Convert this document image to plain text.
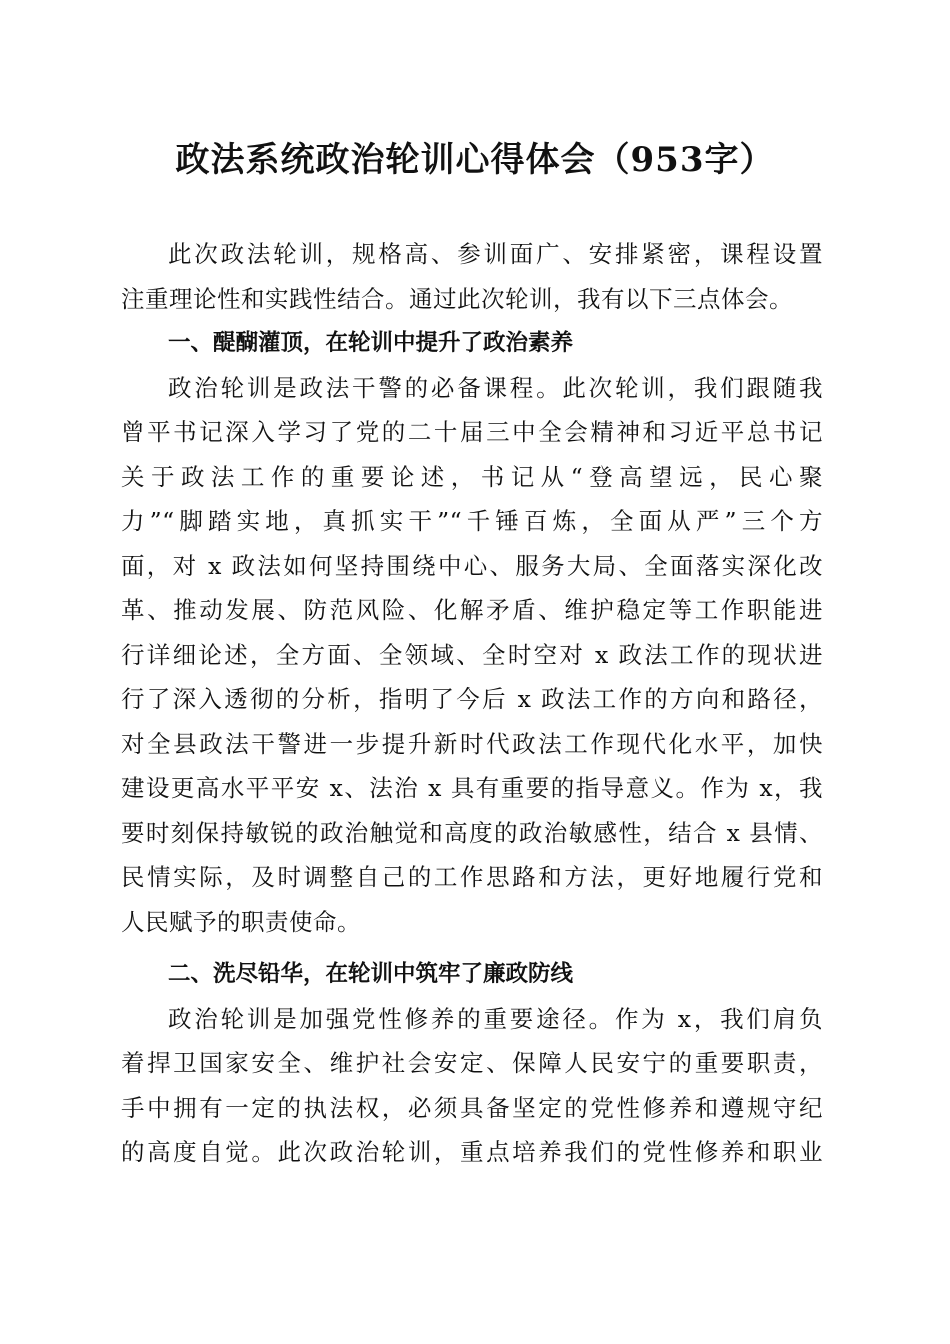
政法系统政治轮训心得体会（953字）
此次政法轮训，规格高、参训面广、安排紧密，课程设置
注重理论性和实践性结合。通过此次轮训，我有以下三点体会。
一、醍醐灌顶，在轮训中提升了政治素养
政治轮训是政法干警的必备课程。此次轮训，我们跟随我
曾平书记深入学习了党的二十届三中全会精神和习近平总书记
关于政法工作的重要论述，书记从“登高望远，民心聚
力”“脚踏实地，真抓实干”“千锤百炼，全面从严”三个方
面，对 x 政法如何坚持围绕中心、服务大局、全面落实深化改
革、推动发展、防范风险、化解矛盾、维护稳定等工作职能进
行详细论述，全方面、全领域、全时空对 x 政法工作的现状进
行了深入透彻的分析，指明了今后 x 政法工作的方向和路径，
对全县政法干警进一步提升新时代政法工作现代化水平，加快
建设更高水平平安 x、法治 x 具有重要的指导意义。作为 x，我
要时刻保持敏锐的政治触觉和高度的政治敏感性，结合 x 县情、
民情实际，及时调整自己的工作思路和方法，更好地履行党和
人民赋予的职责使命。
二、洗尽铅华，在轮训中筑牢了廉政防线
政治轮训是加强党性修养的重要途径。作为 x，我们肩负
着捍卫国家安全、维护社会安定、保障人民安宁的重要职责，
手中拥有一定的执法权，必须具备坚定的党性修养和遵规守纪
的高度自觉。此次政治轮训，重点培养我们的党性修养和职业
